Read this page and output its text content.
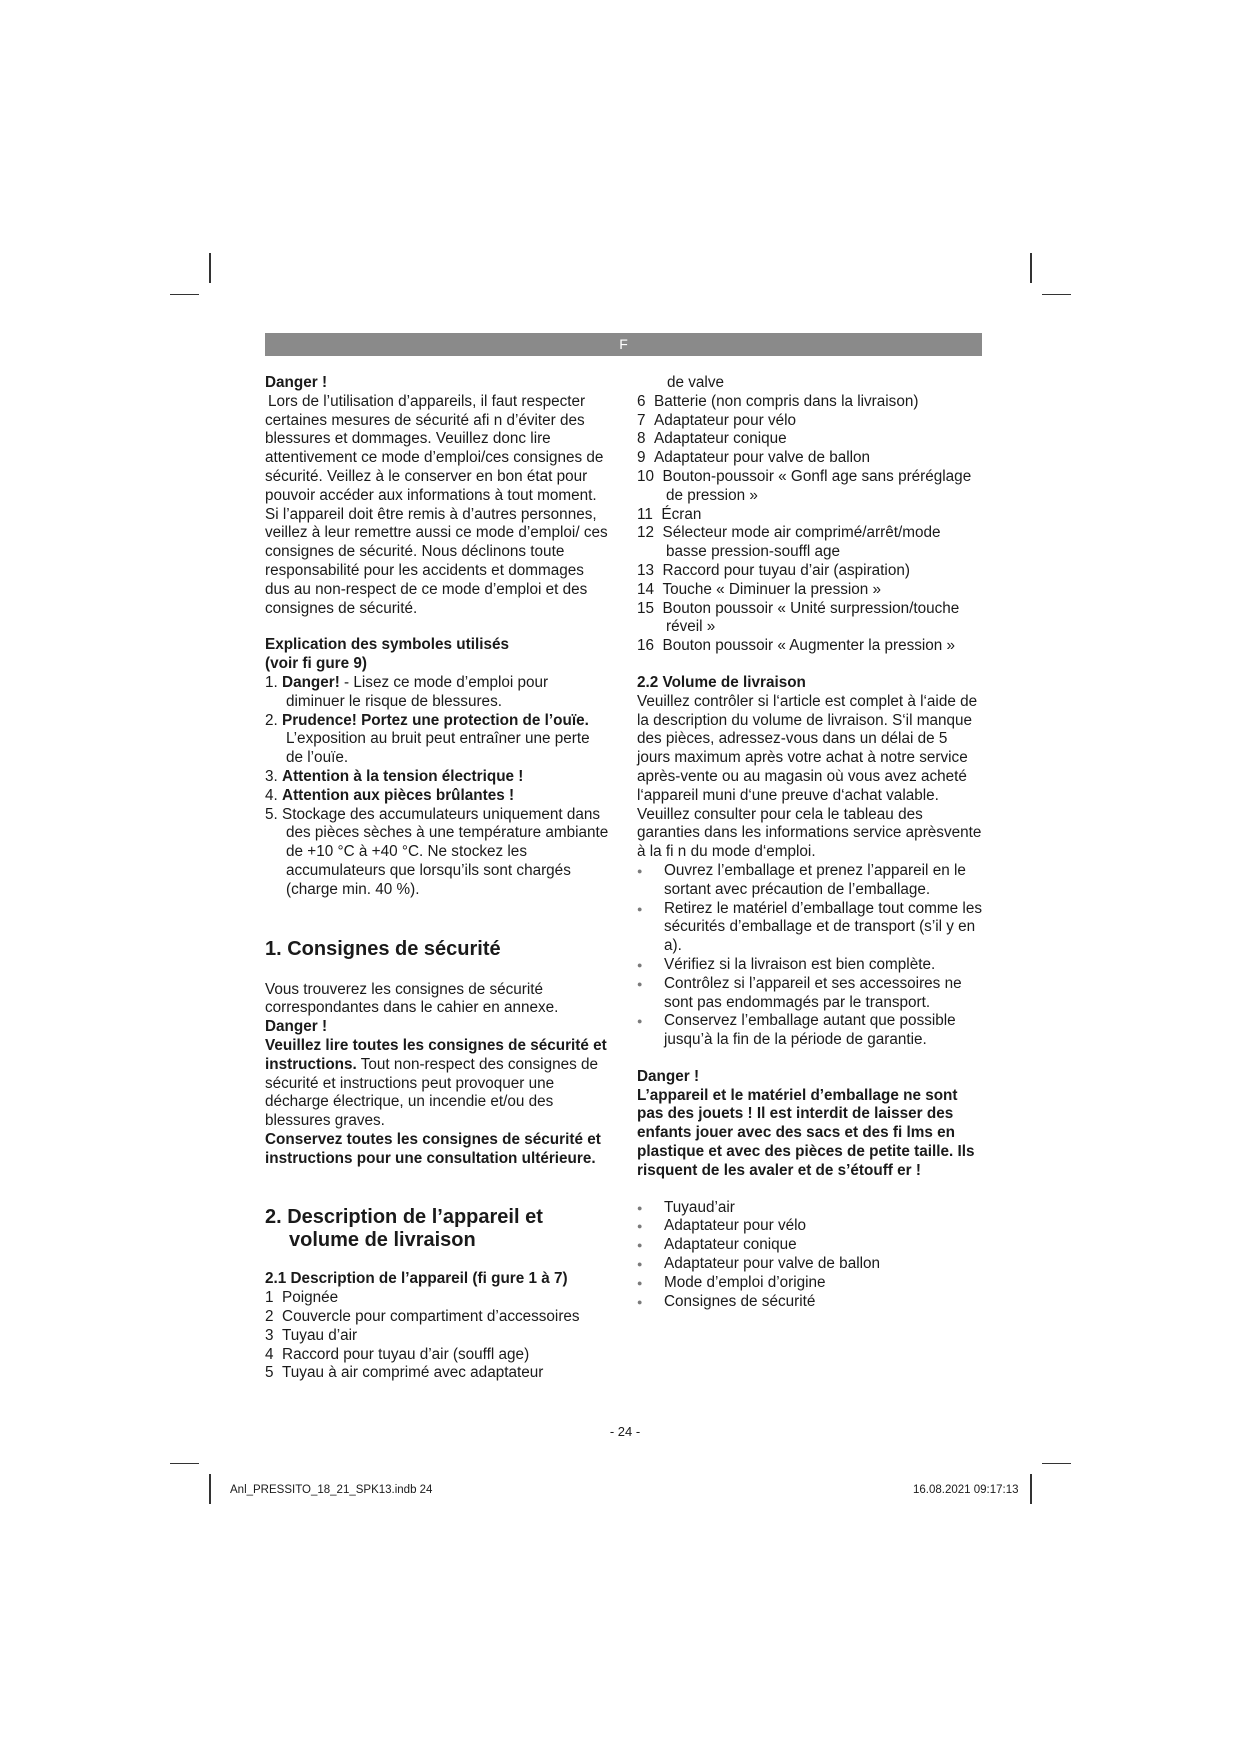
F

Danger !

Lors de l’utilisation d’appareils, il faut respecter certaines mesures de sécurité afi n d’éviter des blessures et dommages. Veuillez donc lire attentivement ce mode d’emploi/ces consignes de sécurité. Veillez à le conserver en bon état pour pouvoir accéder aux informations à tout moment. Si l’appareil doit être remis à d’autres personnes, veillez à leur remettre aussi ce mode d’emploi/ ces consignes de sécurité. Nous déclinons toute responsabilité pour les accidents et dommages dus au non-respect de ce mode d’emploi et des consignes de sécurité.

Explication des symboles utilisés

(voir fi gure 9)

1. Danger! - Lisez ce mode d’emploi pour diminuer le risque de blessures.
2. Prudence! Portez une protection de l’ouïe. L’exposition au bruit peut entraîner une perte de l’ouïe.
3. Attention à la tension électrique !
4. Attention aux pièces brûlantes !
5. Stockage des accumulateurs uniquement dans des pièces sèches à une température ambiante de +10 °C à +40 °C. Ne stockez les accumulateurs que lorsqu’ils sont chargés (charge min. 40 %).

1. Consignes de sécurité

Vous trouverez les consignes de sécurité correspondantes dans le cahier en annexe.

Danger !

Veuillez lire toutes les consignes de sécurité et instructions. Tout non-respect des consignes de sécurité et instructions peut provoquer une décharge électrique, un incendie et/ou des blessures graves.

Conservez toutes les consignes de sécurité et instructions pour une consultation ultérieure.

2. Description de l’appareil et

volume de livraison

2.1 Description de l’appareil (fi gure 1 à 7)

1 Poignée
2 Couvercle pour compartiment d’accessoires
3 Tuyau d’air
4 Raccord pour tuyau d’air (souffl age)
5 Tuyau à air comprimé avec adaptateur

de valve

6 Batterie (non compris dans la livraison)
7 Adaptateur pour vélo
8 Adaptateur conique
9 Adaptateur pour valve de ballon
10 Bouton-poussoir « Gonfl age sans préréglage de pression »
11 Écran
12 Sélecteur mode air comprimé/arrêt/mode basse pression-souffl age
13 Raccord pour tuyau d’air (aspiration)
14 Touche « Diminuer la pression »
15 Bouton poussoir « Unité surpression/touche réveil »
16 Bouton poussoir « Augmenter la pression »

2.2 Volume de livraison

Veuillez contrôler si l‘article est complet à l‘aide de la description du volume de livraison. S‘il manque des pièces, adressez-vous dans un délai de 5 jours maximum après votre achat à notre service après-vente ou au magasin où vous avez acheté l‘appareil muni d‘une preuve d‘achat valable. Veuillez consulter pour cela le tableau des garanties dans les informations service aprèsvente à la fi n du mode d‘emploi.

● Ouvrez l’emballage et prenez l’appareil en le sortant avec précaution de l’emballage.
● Retirez le matériel d’emballage tout comme les sécurités d’emballage et de transport (s’il y en a).
● Vérifiez si la livraison est bien complète.
● Contrôlez si l’appareil et ses accessoires ne sont pas endommagés par le transport.
● Conservez l’emballage autant que possible jusqu’à la fin de la période de garantie.

Danger !

L’appareil et le matériel d’emballage ne sont pas des jouets ! Il est interdit de laisser des enfants jouer avec des sacs et des fi lms en plastique et avec des pièces de petite taille. Ils risquent de les avaler et de s’étouff er !

● Tuyaud’air
● Adaptateur pour vélo
● Adaptateur conique
● Adaptateur pour valve de ballon
● Mode d’emploi d’origine
● Consignes de sécurité
- 24 -
Anl_PRESSITO_18_21_SPK13.indb 24	16.08.2021 09:17:13
